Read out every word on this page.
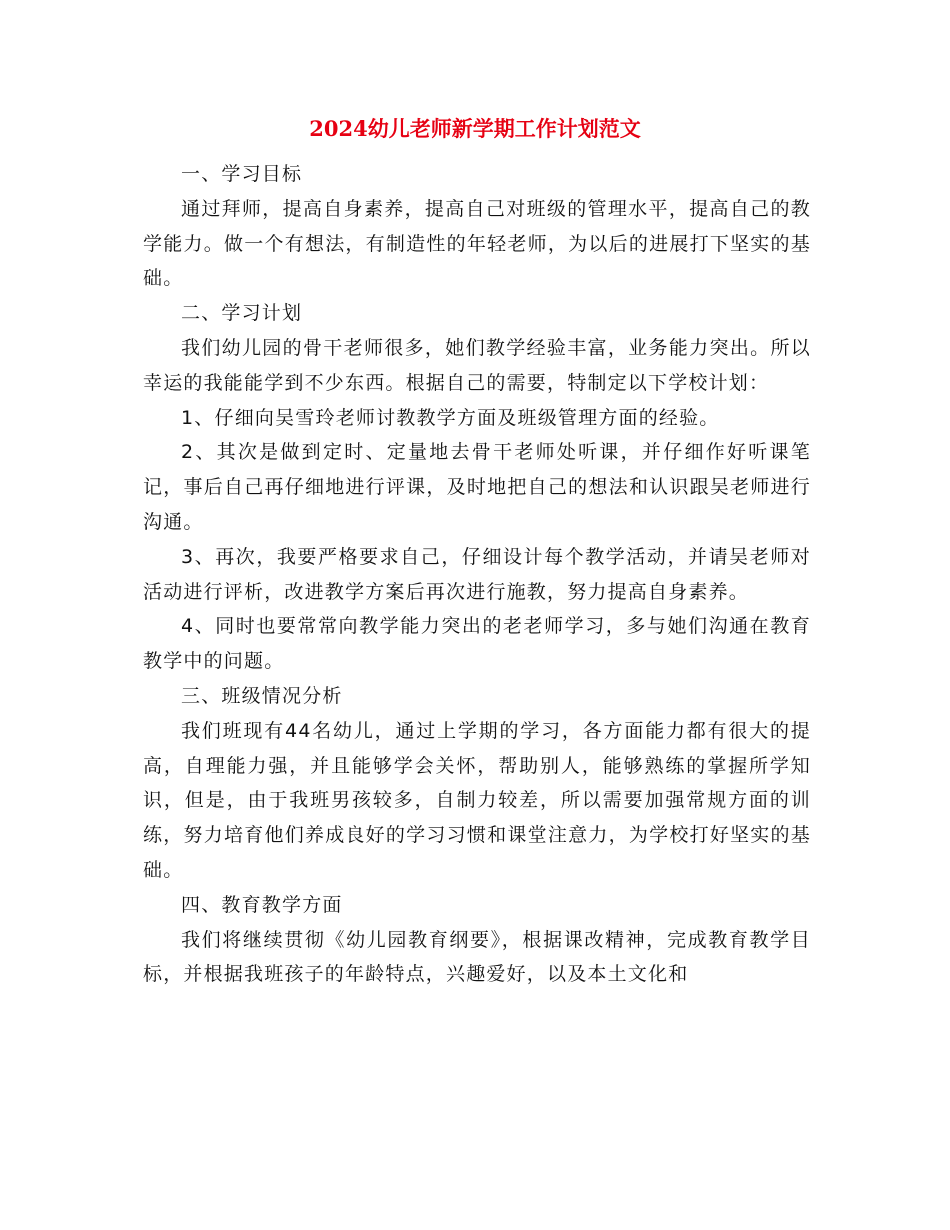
2024幼儿老师新学期工作计划范文

一、学习目标

通过拜师，提高自身素养，提高自己对班级的管理水平，提高自己的教学能力。做一个有想法，有制造性的年轻老师，为以后的进展打下坚实的基础。

二、学习计划

我们幼儿园的骨干老师很多，她们教学经验丰富，业务能力突出。所以幸运的我能能学到不少东西。根据自己的需要，特制定以下学校计划：

1、仔细向吴雪玲老师讨教教学方面及班级管理方面的经验。

2、其次是做到定时、定量地去骨干老师处听课，并仔细作好听课笔记，事后自己再仔细地进行评课，及时地把自己的想法和认识跟吴老师进行沟通。

3、再次，我要严格要求自己，仔细设计每个教学活动，并请吴老师对活动进行评析，改进教学方案后再次进行施教，努力提高自身素养。

4、同时也要常常向教学能力突出的老老师学习，多与她们沟通在教育教学中的问题。

三、班级情况分析

我们班现有44名幼儿，通过上学期的学习，各方面能力都有很大的提高，自理能力强，并且能够学会关怀，帮助别人，能够熟练的掌握所学知识，但是，由于我班男孩较多，自制力较差，所以需要加强常规方面的训练，努力培育他们养成良好的学习习惯和课堂注意力，为学校打好坚实的基础。

四、教育教学方面

我们将继续贯彻《幼儿园教育纲要》，根据课改精神，完成教育教学目标，并根据我班孩子的年龄特点，兴趣爱好，以及本土文化和
